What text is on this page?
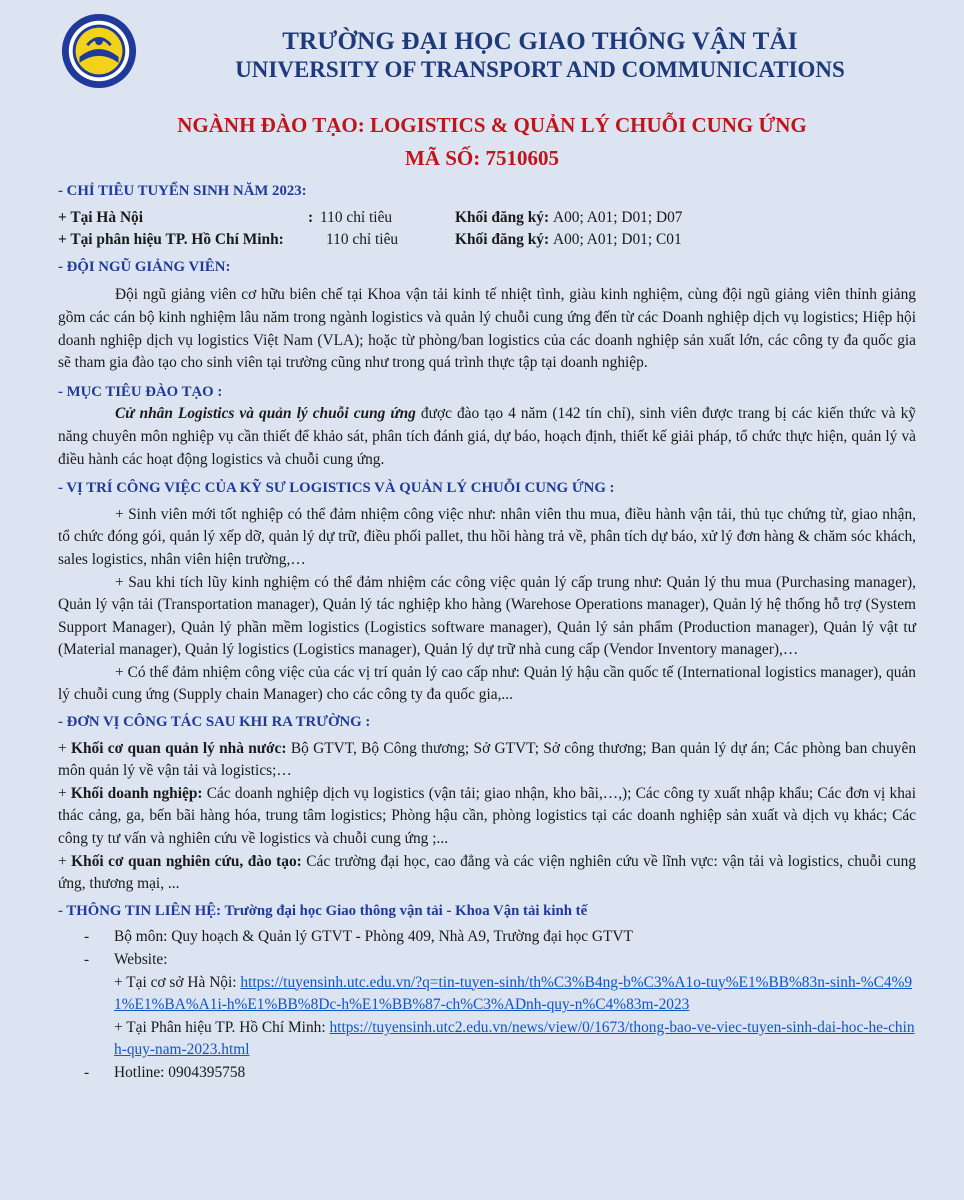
TRƯỜNG ĐẠI HỌC GIAO THÔNG VẬN TẢI
UNIVERSITY OF TRANSPORT AND COMMUNICATIONS
NGÀNH ĐÀO TẠO: LOGISTICS & QUẢN LÝ CHUỖI CUNG ỨNG
MÃ SỐ: 7510605
- CHỈ TIÊU TUYỂN SINH NĂM 2023:
+ Tại Hà Nội	: 110 chỉ tiêu	Khối đăng ký:
A00; A01; D01; D07
+ Tại phân hiệu TP. Hồ Chí Minh:	110 chỉ tiêu	Khối đăng ký:
A00; A01; D01; C01
- ĐỘI NGŨ GIẢNG VIÊN:

Đội ngũ giảng viên cơ hữu biên chế tại Khoa vận tải kinh tế nhiệt tình, giàu kinh nghiệm, cùng đội ngũ giảng viên thỉnh giảng gồm các cán bộ kinh nghiệm lâu năm trong ngành logistics và quản lý chuỗi cung ứng đến từ các Doanh nghiệp dịch vụ logistics; Hiệp hội doanh nghiệp dịch vụ logistics Việt Nam (VLA); hoặc từ phòng/ban logistics của các doanh nghiệp sản xuất lớn, các công ty đa quốc gia sẽ tham gia đào tạo cho sinh viên tại trường cũng như trong quá trình thực tập tại doanh nghiệp.

- MỤC TIÊU ĐÀO TẠO :

Cử nhân Logistics và quản lý chuỗi cung ứng được đào tạo 4 năm (142 tín chỉ), sinh viên được trang bị các kiến thức và kỹ năng chuyên môn nghiệp vụ cần thiết để khảo sát, phân tích đánh giá, dự báo, hoạch định, thiết kế giải pháp, tổ chức thực hiện, quản lý và điều hành các hoạt động logistics và chuỗi cung ứng.

- VỊ TRÍ CÔNG VIỆC CỦA KỸ SƯ LOGISTICS VÀ QUẢN LÝ CHUỖI CUNG ỨNG :

+ Sinh viên mới tốt nghiệp có thể đảm nhiệm công việc như: nhân viên thu mua, điều hành vận tải, thủ tục chứng từ, giao nhận, tổ chức đóng gói, quản lý xếp dỡ, quản lý dự trữ, điều phối pallet, thu hồi hàng trả về, phân tích dự báo, xử lý đơn hàng & chăm sóc khách, sales logistics, nhân viên hiện trường,…

+ Sau khi tích lũy kinh nghiệm có thể đảm nhiệm các công việc quản lý cấp trung như: Quản lý thu mua (Purchasing manager), Quản lý vận tải (Transportation manager), Quản lý tác nghiệp kho hàng (Warehose Operations manager), Quản lý hệ thống hỗ trợ (System Support Manager), Quản lý phần mềm logistics (Logistics software manager), Quản lý sản phẩm (Production manager), Quản lý vật tư (Material manager), Quản lý logistics (Logistics manager), Quản lý dự trữ nhà cung cấp (Vendor Inventory manager),…

+ Có thể đảm nhiệm công việc của các vị trí quản lý cao cấp như: Quản lý hậu cần quốc tế (International logistics manager), quản lý chuỗi cung ứng (Supply chain Manager) cho các công ty đa quốc gia,...

- ĐƠN VỊ CÔNG TÁC SAU KHI RA TRƯỜNG :

+ Khối cơ quan quản lý nhà nước: Bộ GTVT, Bộ Công thương; Sở GTVT; Sở công thương; Ban quản lý dự án; Các phòng ban chuyên môn quản lý về vận tải và logistics;…

+ Khối doanh nghiệp: Các doanh nghiệp dịch vụ logistics (vận tải; giao nhận, kho bãi,…,); Các công ty xuất nhập khẩu; Các đơn vị khai thác cảng, ga, bến bãi hàng hóa, trung tâm logistics; Phòng hậu cần, phòng logistics tại các doanh nghiệp sản xuất và dịch vụ khác; Các công ty tư vấn và nghiên cứu về logistics và chuỗi cung ứng ;...

+ Khối cơ quan nghiên cứu, đào tạo: Các trường đại học, cao đẳng và các viện nghiên cứu về lĩnh vực: vận tải và logistics, chuỗi cung ứng, thương mại, ...

- THÔNG TIN LIÊN HỆ: Trường đại học Giao thông vận tải - Khoa Vận tải kinh tế
-	Bộ môn: Quy hoạch & Quản lý GTVT - Phòng 409, Nhà A9, Trường đại học GTVT
-	Website:
+ Tại cơ sở Hà Nội: https://tuyensinh.utc.edu.vn/?q=tin-tuyen-sinh/th%C3%B4ng-b%C3%A1o-tuy%E1%BB%83n-sinh-%C4%91%E1%BA%A1i-h%E1%BB%8Dc-h%E1%BB%87-ch%C3%ADnh-quy-n%C4%83m-2023
+ Tại Phân hiệu TP. Hồ Chí Minh: https://tuyensinh.utc2.edu.vn/news/view/0/1673/thong-bao-ve-viec-tuyen-sinh-dai-hoc-he-chinh-quy-nam-2023.html
-	Hotline: 0904395758
